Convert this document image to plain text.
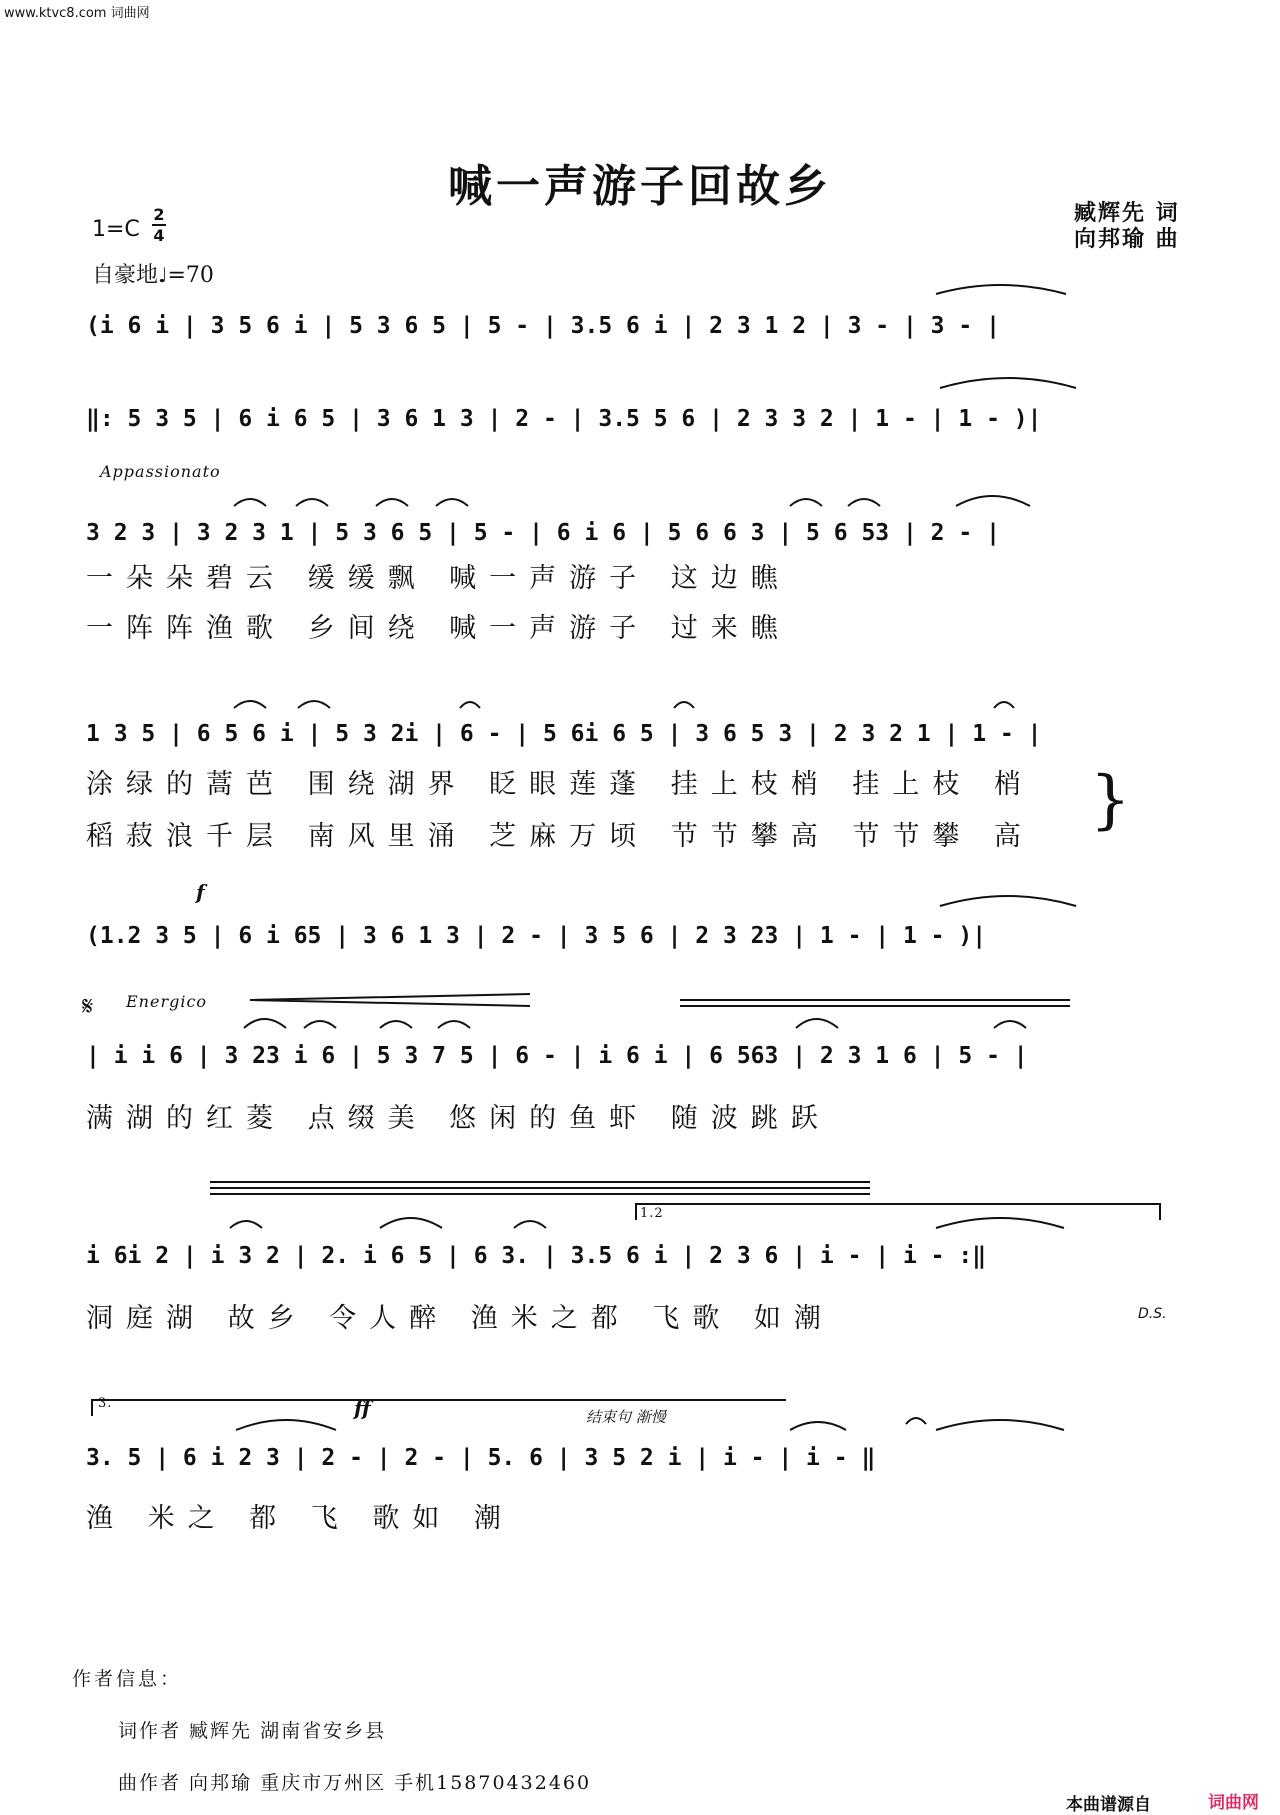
www.ktvc8.com 词曲网
喊一声游子回故乡
臧辉先 词
向邦瑜 曲
1=C
2
4
自豪地♩=70
(i 6 i | 3 5 6 i | 5 3 6 5 | 5 - | 3.5 6 i | 2 3 1 2 | 3 - | 3 - |
‖: 5 3 5 | 6 i 6 5 | 3 6 1 3 | 2 - | 3.5 5 6 | 2 3 3 2 | 1 - | 1 - )|
Appassionato
3 2 3 | 3 2 3 1 | 5 3 6 5 | 5 - | 6 i 6 | 5 6 6 3 | 5 6 53 | 2 - |
一朵朵碧云 缓缓飘 喊一声游子 这边瞧
一阵阵渔歌 乡间绕 喊一声游子 过来瞧
1 3 5 | 6 5 6 i | 5 3 2i | 6 - | 5 6i 6 5 | 3 6 5 3 | 2 3 2 1 | 1 - |
涂绿的蒿芭 围绕湖界 眨眼莲蓬 挂上枝梢 挂上枝 梢
稻菽浪千层 南风里涌 芝麻万顷 节节攀高 节节攀 高 }
f
(1.2 3 5 | 6 i 65 | 3 6 1 3 | 2 - | 3 5 6 | 2 3 23 | 1 - | 1 - )|
𝄋 Energico
| i i 6 | 3 23 i 6 | 5 3 7 5 | 6 - | i 6 i | 6 563 | 2 3 1 6 | 5 - |
满湖的红菱 点缀美 悠闲的鱼虾 随波跳跃
1.2
i 6i 2 | i 3 2 | 2. i 6 5 | 6 3. | 3.5 6 i | 2 3 6 | i - | i - :‖
洞庭湖 故乡 令人醉 渔米之都 飞歌 如潮	D.S.
3.	ff	结束句 渐慢
3. 5 | 6 i 2 3 | 2 - | 2 - | 5. 6 | 3 5 2 i | i - | i - ‖
渔 米之 都 飞 歌如 潮
作者信息：
词作者 臧辉先 湖南省安乡县
曲作者 向邦瑜 重庆市万州区 手机15870432460
本曲谱源自	词曲网
